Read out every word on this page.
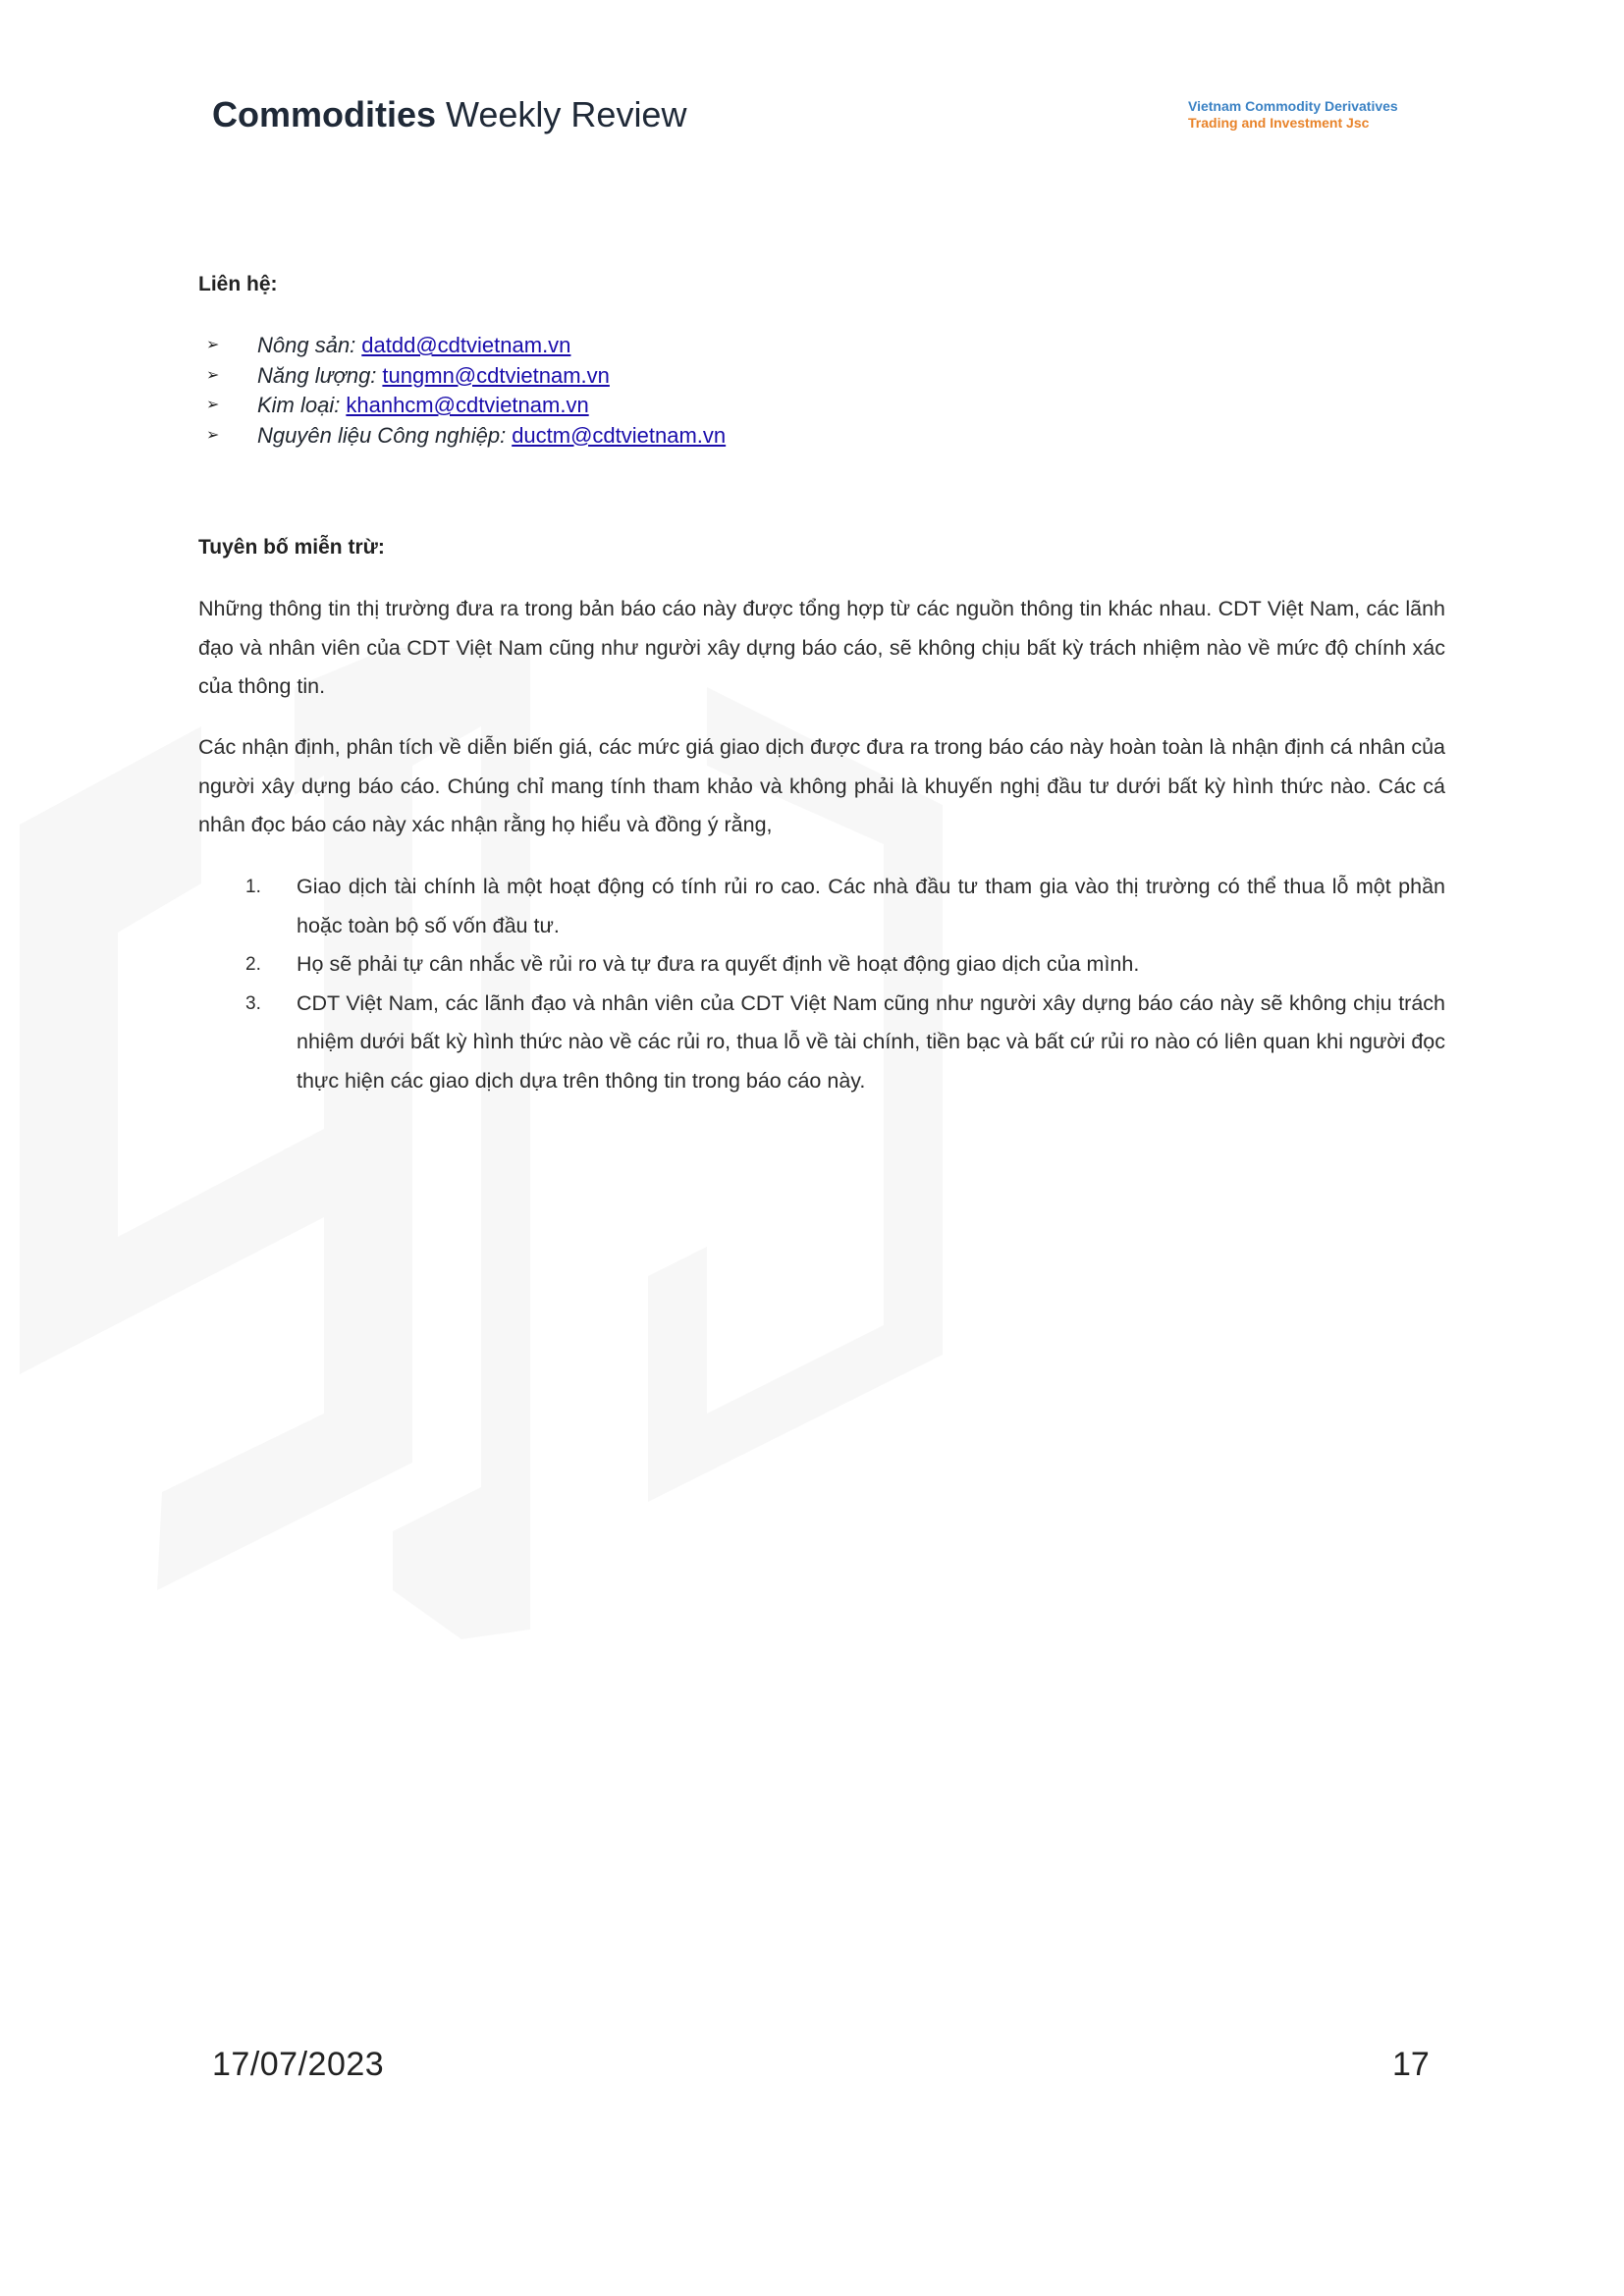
Commodities Weekly Review	Vietnam Commodity Derivatives
Trading and Investment Jsc
Liên hệ:
➢	Nông sản: datdd@cdtvietnam.vn
➢	Năng lượng: tungmn@cdtvietnam.vn
➢	Kim loại: khanhcm@cdtvietnam.vn
➢	Nguyên liệu Công nghiệp: ductm@cdtvietnam.vn
Tuyên bố miễn trừ:

Những thông tin thị trường đưa ra trong bản báo cáo này được tổng hợp từ các nguồn thông tin khác nhau. CDT Việt Nam, các lãnh đạo và nhân viên của CDT Việt Nam cũng như người xây dựng báo cáo, sẽ không chịu bất kỳ trách nhiệm nào về mức độ chính xác của thông tin.

Các nhận định, phân tích về diễn biến giá, các mức giá giao dịch được đưa ra trong báo cáo này hoàn toàn là nhận định cá nhân của người xây dựng báo cáo. Chúng chỉ mang tính tham khảo và không phải là khuyến nghị đầu tư dưới bất kỳ hình thức nào. Các cá nhân đọc báo cáo này xác nhận rằng họ hiểu và đồng ý rằng,

1.	Giao dịch tài chính là một hoạt động có tính rủi ro cao. Các nhà đầu tư tham gia vào thị trường có thể thua lỗ một phần hoặc toàn bộ số vốn đầu tư.
2.	Họ sẽ phải tự cân nhắc về rủi ro và tự đưa ra quyết định về hoạt động giao dịch của mình.
3.	CDT Việt Nam, các lãnh đạo và nhân viên của CDT Việt Nam cũng như người xây dựng báo cáo này sẽ không chịu trách nhiệm dưới bất kỳ hình thức nào về các rủi ro, thua lỗ về tài chính, tiền bạc và bất cứ rủi ro nào có liên quan khi người đọc thực hiện các giao dịch dựa trên thông tin trong báo cáo này.
17/07/2023	17
